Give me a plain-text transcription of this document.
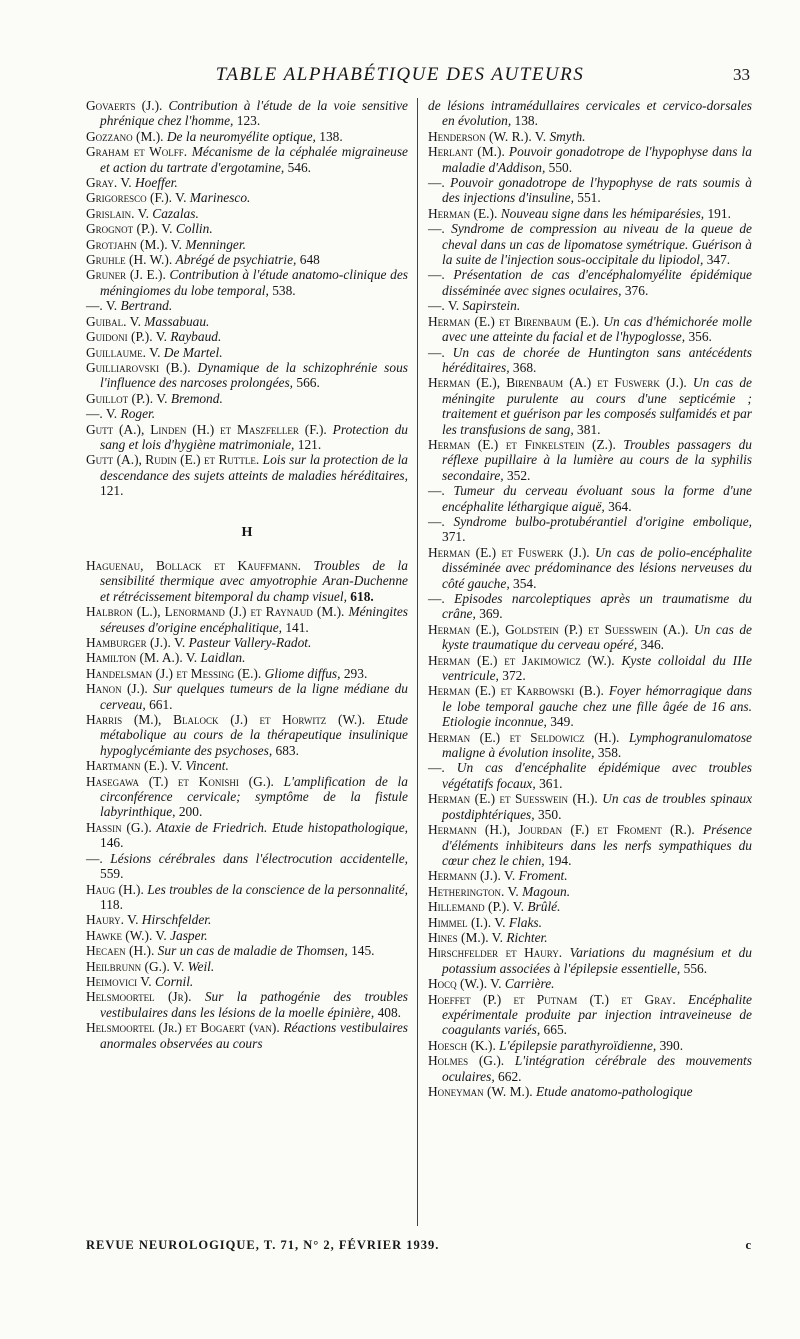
TABLE ALPHABÉTIQUE DES AUTEURS	33

Govaerts (J.). Contribution à l'étude de la voie sensitive phrénique chez l'homme, 123.

Gozzano (M.). De la neuromyélite optique, 138.

Graham et Wolff. Mécanisme de la céphalée migraineuse et action du tartrate d'ergotamine, 546.

Gray. V. Hoeffer.

Grigoresco (F.). V. Marinesco.

Grislain. V. Cazalas.

Grognot (P.). V. Collin.

Grotjahn (M.). V. Menninger.

Gruhle (H. W.). Abrégé de psychiatrie, 648

Gruner (J. E.). Contribution à l'étude anatomo-clinique des méningiomes du lobe temporal, 538.

—. V. Bertrand.

Guibal. V. Massabuau.

Guidoni (P.). V. Raybaud.

Guillaume. V. De Martel.

Guilliarovski (B.). Dynamique de la schizophrénie sous l'influence des narcoses prolongées, 566.

Guillot (P.). V. Bremond.

—. V. Roger.

Gutt (A.), Linden (H.) et Maszfeller (F.). Protection du sang et lois d'hygiène matrimoniale, 121.

Gutt (A.), Rudin (E.) et Ruttle. Lois sur la protection de la descendance des sujets atteints de maladies héréditaires, 121.

H

Haguenau, Bollack et Kauffmann. Troubles de la sensibilité thermique avec amyotrophie Aran-Duchenne et rétrécissement bitemporal du champ visuel, 618.

Halbron (L.), Lenormand (J.) et Raynaud (M.). Méningites séreuses d'origine encéphalitique, 141.

Hamburger (J.). V. Pasteur Vallery-Radot.

Hamilton (M. A.). V. Laidlan.

Handelsman (J.) et Messing (E.). Gliome diffus, 293.

Hanon (J.). Sur quelques tumeurs de la ligne médiane du cerveau, 661.

Harris (M.), Blalock (J.) et Horwitz (W.). Etude métabolique au cours de la thérapeutique insulinique hypoglycémiante des psychoses, 683.

Hartmann (E.). V. Vincent.

Hasegawa (T.) et Konishi (G.). L'amplification de la circonférence cervicale; symptôme de la fistule labyrinthique, 200.

Hassin (G.). Ataxie de Friedrich. Etude histopathologique, 146.

—. Lésions cérébrales dans l'électrocution accidentelle, 559.

Haug (H.). Les troubles de la conscience de la personnalité, 118.

Haury. V. Hirschfelder.

Hawke (W.). V. Jasper.

Hecaen (H.). Sur un cas de maladie de Thomsen, 145.

Heilbrunn (G.). V. Weil.

Heimovici V. Cornil.

Helsmoortel (Jr). Sur la pathogénie des troubles vestibulaires dans les lésions de la moelle épinière, 408.

Helsmoortel (Jr.) et Bogaert (van). Réactions vestibulaires anormales observées au cours

de lésions intramédullaires cervicales et cervico-dorsales en évolution, 138.

Henderson (W. R.). V. Smyth.

Herlant (M.). Pouvoir gonadotrope de l'hypophyse dans la maladie d'Addison, 550.

—. Pouvoir gonadotrope de l'hypophyse de rats soumis à des injections d'insuline, 551.

Herman (E.). Nouveau signe dans les hémiparésies, 191.

—. Syndrome de compression au niveau de la queue de cheval dans un cas de lipomatose symétrique. Guérison à la suite de l'injection sous-occipitale du lipiodol, 347.

—. Présentation de cas d'encéphalomyélite épidémique disséminée avec signes oculaires, 376.

—. V. Sapirstein.

Herman (E.) et Birenbaum (E.). Un cas d'hémichorée molle avec une atteinte du facial et de l'hypoglosse, 356.

—. Un cas de chorée de Huntington sans antécédents héréditaires, 368.

Herman (E.), Birenbaum (A.) et Fuswerk (J.). Un cas de méningite purulente au cours d'une septicémie ; traitement et guérison par les composés sulfamidés et par les transfusions de sang, 381.

Herman (E.) et Finkelstein (Z.). Troubles passagers du réflexe pupillaire à la lumière au cours de la syphilis secondaire, 352.

—. Tumeur du cerveau évoluant sous la forme d'une encéphalite léthargique aiguë, 364.

—. Syndrome bulbo-protubérantiel d'origine embolique, 371.

Herman (E.) et Fuswerk (J.). Un cas de polio-encéphalite disséminée avec prédominance des lésions nerveuses du côté gauche, 354.

—. Episodes narcoleptiques après un traumatisme du crâne, 369.

Herman (E.), Goldstein (P.) et Suesswein (A.). Un cas de kyste traumatique du cerveau opéré, 346.

Herman (E.) et Jakimowicz (W.). Kyste colloidal du IIIe ventricule, 372.

Herman (E.) et Karbowski (B.). Foyer hémorragique dans le lobe temporal gauche chez une fille âgée de 16 ans. Etiologie inconnue, 349.

Herman (E.) et Seldowicz (H.). Lymphogranulomatose maligne à évolution insolite, 358.

—. Un cas d'encéphalite épidémique avec troubles végétatifs focaux, 361.

Herman (E.) et Suesswein (H.). Un cas de troubles spinaux postdiphtériques, 350.

Hermann (H.), Jourdan (F.) et Froment (R.). Présence d'éléments inhibiteurs dans les nerfs sympathiques du cœur chez le chien, 194.

Hermann (J.). V. Froment.

Hetherington. V. Magoun.

Hillemand (P.). V. Brûlé.

Himmel (I.). V. Flaks.

Hines (M.). V. Richter.

Hirschfelder et Haury. Variations du magnésium et du potassium associées à l'épilepsie essentielle, 556.

Hocq (W.). V. Carrière.

Hoeffet (P.) et Putnam (T.) et Gray. Encéphalite expérimentale produite par injection intraveineuse de coagulants variés, 665.

Hoesch (K.). L'épilepsie parathyroïdienne, 390.

Holmes (G.). L'intégration cérébrale des mouvements oculaires, 662.

Honeyman (W. M.). Etude anatomo-pathologique

REVUE NEUROLOGIQUE, T. 71, N° 2, FÉVRIER 1939.	c
